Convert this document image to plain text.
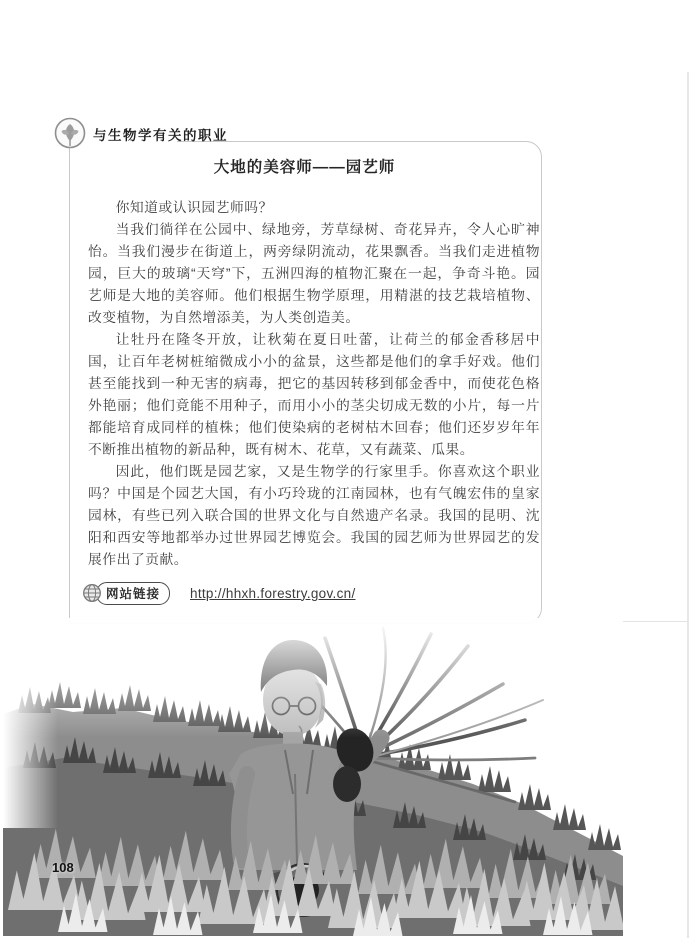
与生物学有关的职业
大地的美容师——园艺师

你知道或认识园艺师吗？

当我们徜徉在公园中、绿地旁，芳草绿树、奇花异卉，令人心旷神怡。当我们漫步在街道上，两旁绿阴流动，花果飘香。当我们走进植物园，巨大的玻璃“天穹”下，五洲四海的植物汇聚在一起，争奇斗艳。园艺师是大地的美容师。他们根据生物学原理，用精湛的技艺栽培植物、改变植物，为自然增添美，为人类创造美。

让牡丹在隆冬开放，让秋菊在夏日吐蕾，让荷兰的郁金香移居中国，让百年老树桩缩微成小小的盆景，这些都是他们的拿手好戏。他们甚至能找到一种无害的病毒，把它的基因转移到郁金香中，而使花色格外艳丽；他们竟能不用种子，而用小小的茎尖切成无数的小片，每一片都能培育成同样的植株；他们使染病的老树枯木回春；他们还岁岁年年不断推出植物的新品种，既有树木、花草，又有蔬菜、瓜果。

因此，他们既是园艺家，又是生物学的行家里手。你喜欢这个职业吗？中国是个园艺大国，有小巧玲珑的江南园林，也有气魄宏伟的皇家园林，有些已列入联合国的世界文化与自然遗产名录。我国的昆明、沈阳和西安等地都举办过世界园艺博览会。我国的园艺师为世界园艺的发展作出了贡献。

网站链接	http://hhxh.forestry.gov.cn/
108
